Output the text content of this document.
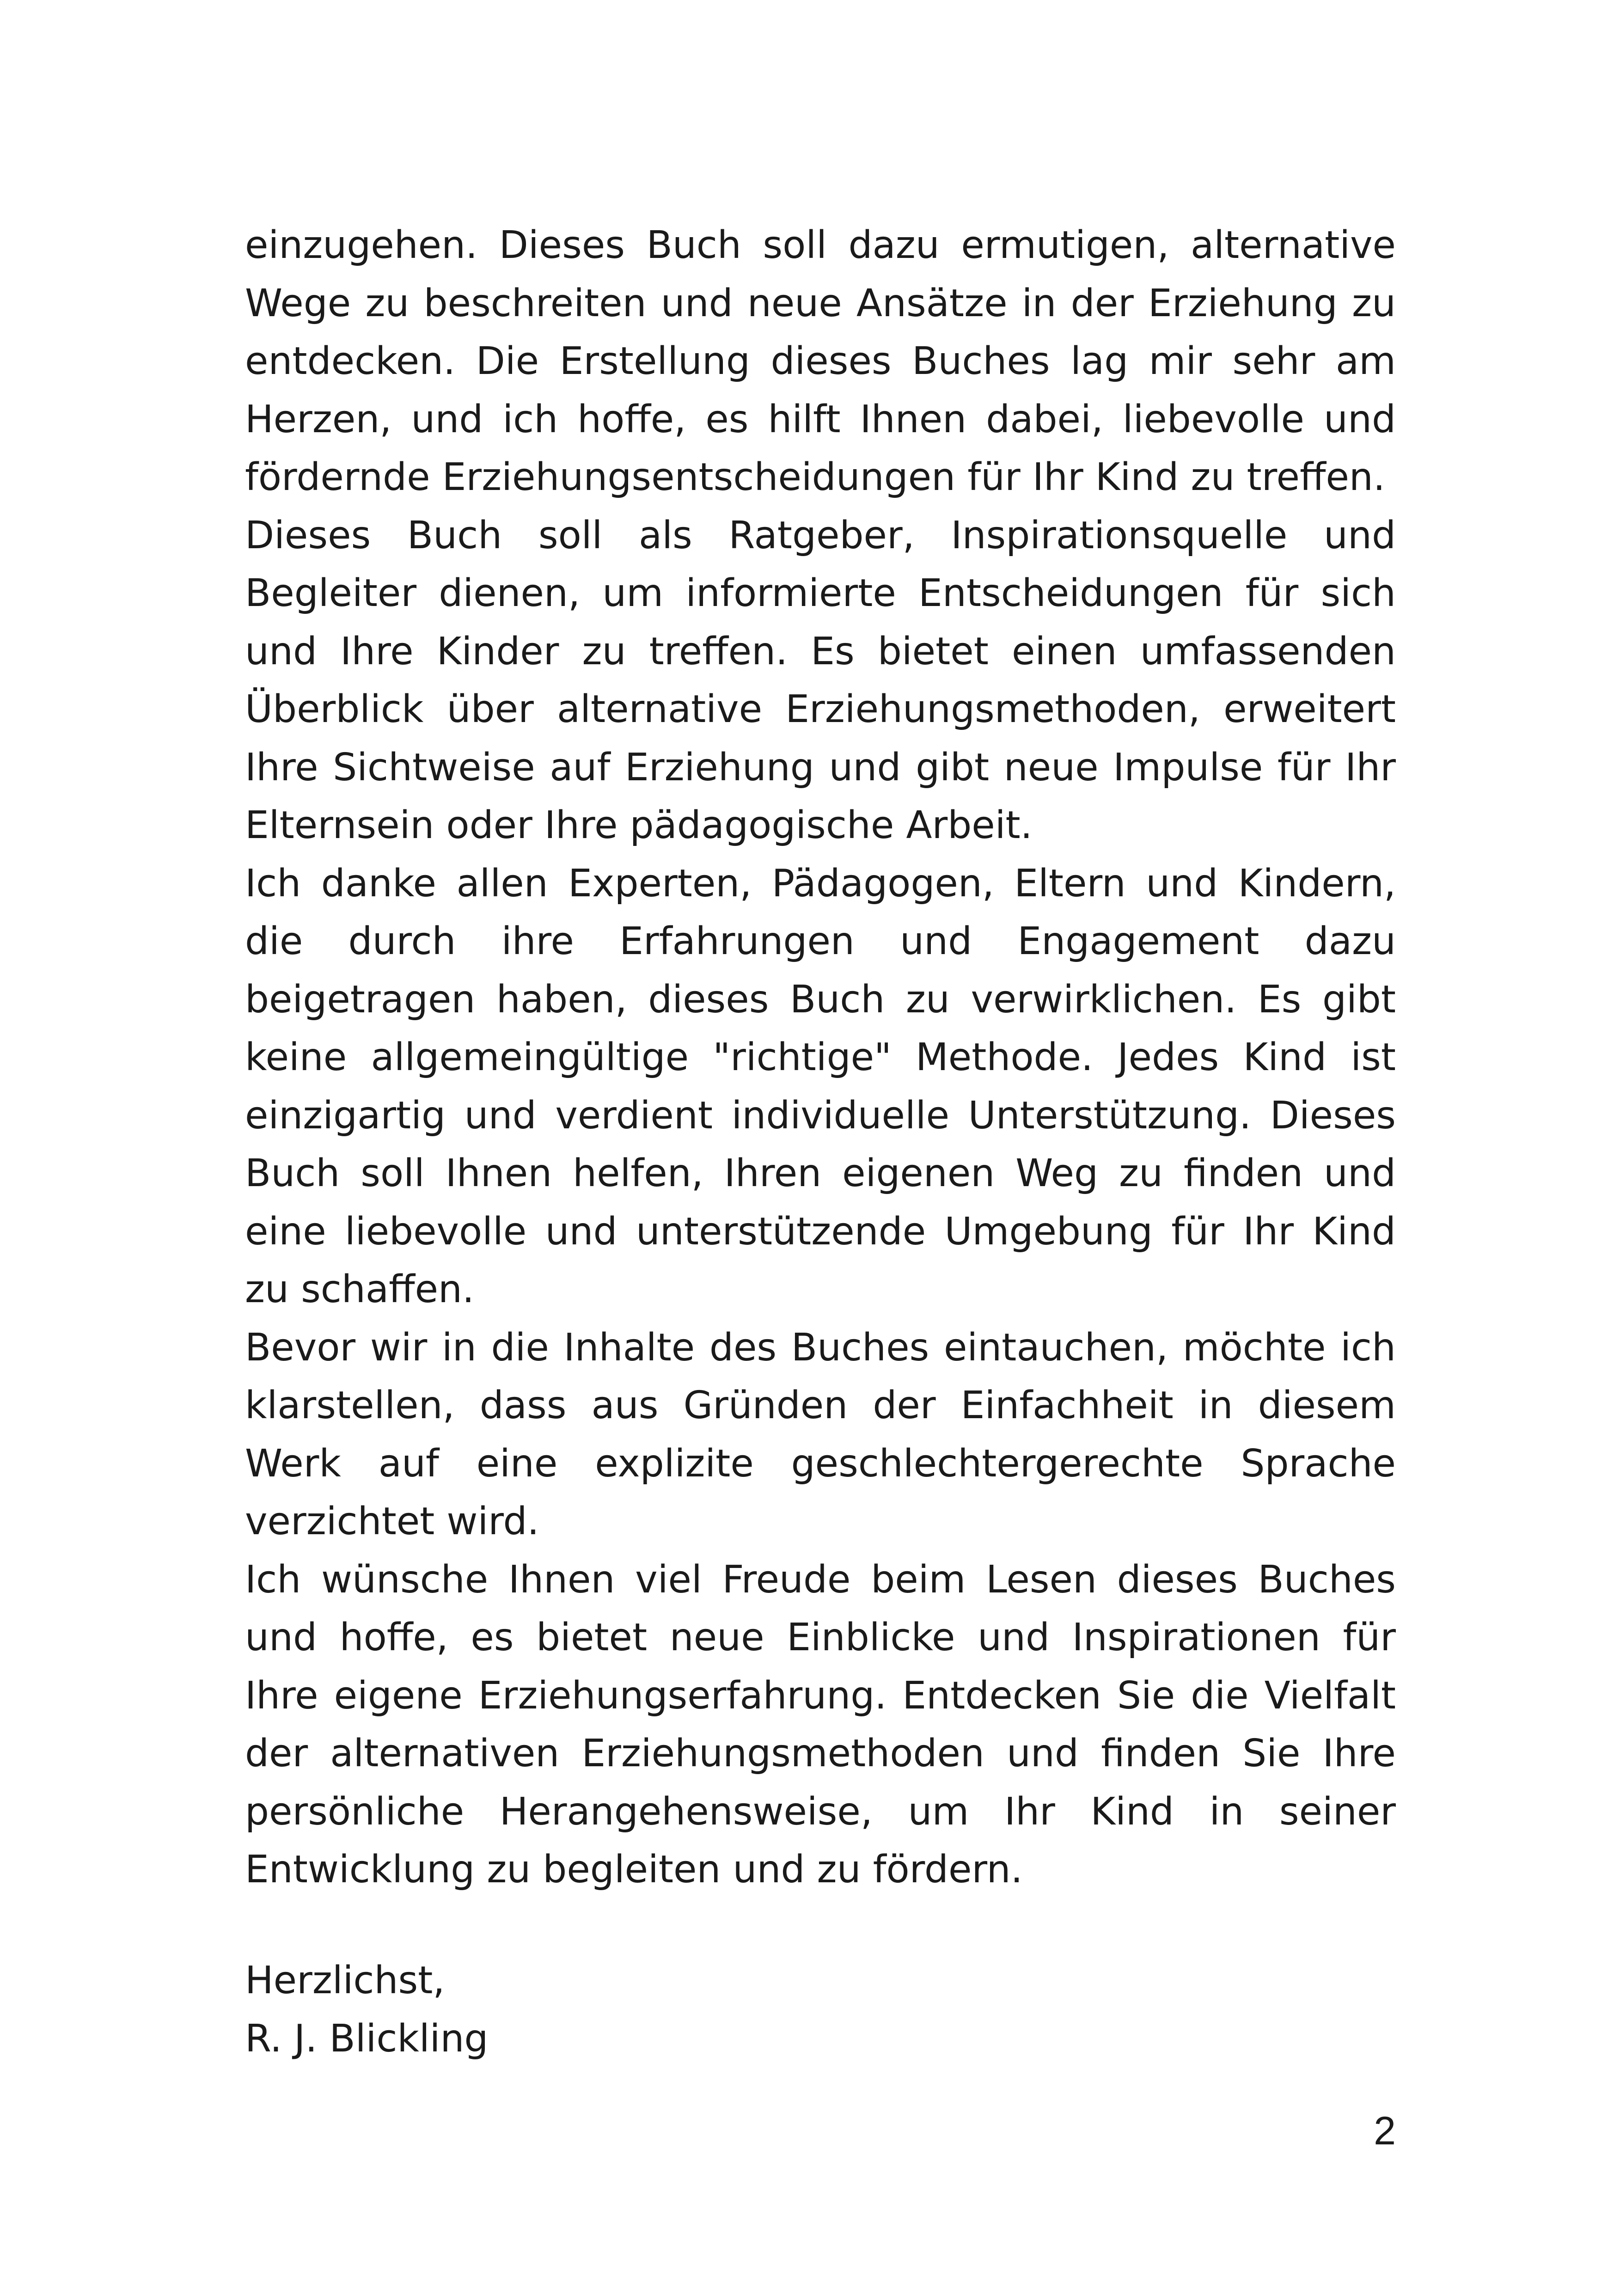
einzugehen. Dieses Buch soll dazu ermutigen, alternative Wege zu beschreiten und neue Ansätze in der Erziehung zu entdecken. Die Erstellung dieses Buches lag mir sehr am Herzen, und ich hoffe, es hilft Ihnen dabei, liebevolle und fördernde Erziehungsentscheidungen für Ihr Kind zu treffen.

Dieses Buch soll als Ratgeber, Inspirationsquelle und Begleiter dienen, um informierte Entscheidungen für sich und Ihre Kinder zu treffen. Es bietet einen umfassenden Überblick über alternative Erziehungsmethoden, erweitert Ihre Sichtweise auf Erziehung und gibt neue Impulse für Ihr Elternsein oder Ihre pädagogische Arbeit.

Ich danke allen Experten, Pädagogen, Eltern und Kindern, die durch ihre Erfahrungen und Engagement dazu beigetragen haben, dieses Buch zu verwirklichen. Es gibt keine allgemeingültige "richtige" Methode. Jedes Kind ist einzigartig und verdient individuelle Unterstützung. Dieses Buch soll Ihnen helfen, Ihren eigenen Weg zu finden und eine liebevolle und unterstützende Umgebung für Ihr Kind zu schaffen.

Bevor wir in die Inhalte des Buches eintauchen, möchte ich klarstellen, dass aus Gründen der Einfachheit in diesem Werk auf eine explizite geschlechtergerechte Sprache verzichtet wird.

Ich wünsche Ihnen viel Freude beim Lesen dieses Buches und hoffe, es bietet neue Einblicke und Inspirationen für Ihre eigene Erziehungserfahrung. Entdecken Sie die Vielfalt der alternativen Erziehungsmethoden und finden Sie Ihre persönliche Herangehensweise, um Ihr Kind in seiner Entwicklung zu begleiten und zu fördern.

Herzlichst,
R. J. Blickling
2
